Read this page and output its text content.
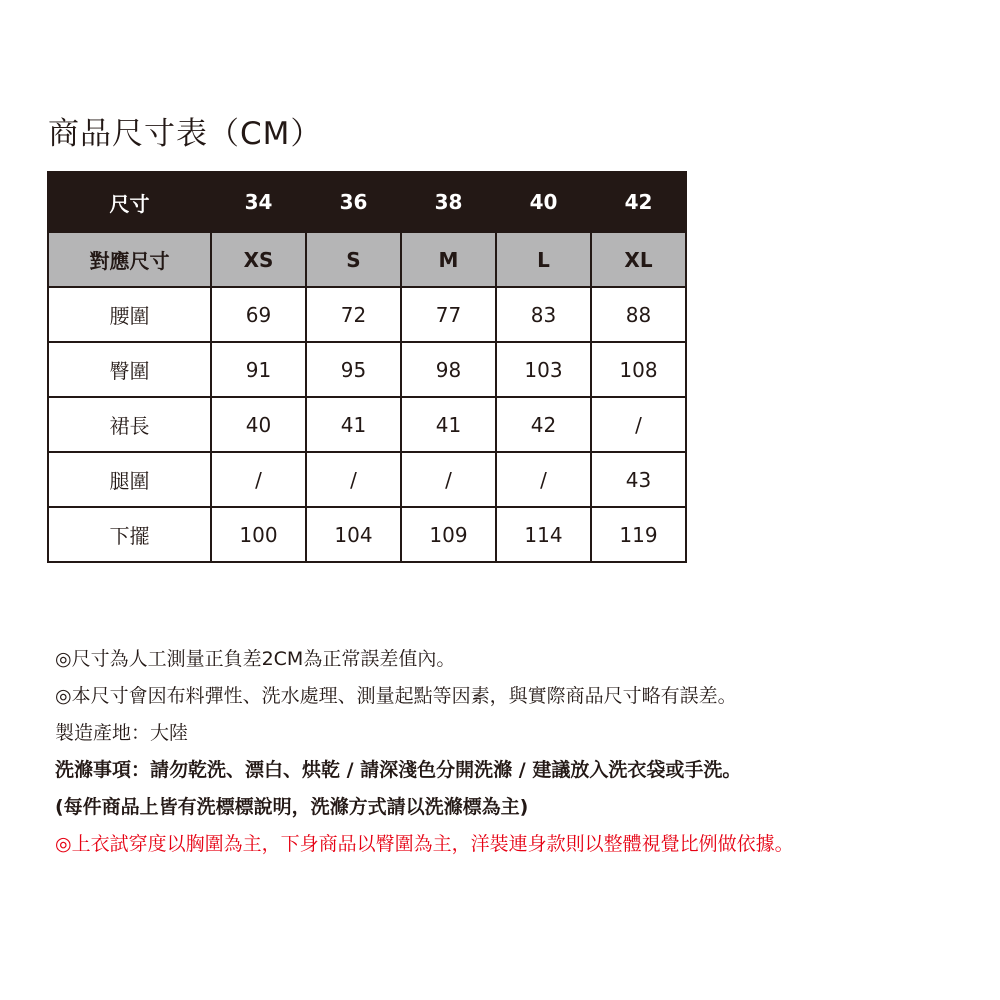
商品尺寸表（CM）
尺寸	34	36	38	40	42
對應尺寸	XS	S	M	L	XL
腰圍	69	72	77	83	88
臀圍	91	95	98	103	108
裙長	40	41	41	42	/
腿圍	/	/	/	/	43
下擺	100	104	109	114	119
◎尺寸為人工測量正負差2CM為正常誤差值內。
◎本尺寸會因布料彈性、洗水處理、測量起點等因素，與實際商品尺寸略有誤差。
製造產地：大陸
洗滌事項：請勿乾洗、漂白、烘乾 / 請深淺色分開洗滌 / 建議放入洗衣袋或手洗。
(每件商品上皆有洗標標說明，洗滌方式請以洗滌標為主)
◎上衣試穿度以胸圍為主，下身商品以臀圍為主，洋裝連身款則以整體視覺比例做依據。
